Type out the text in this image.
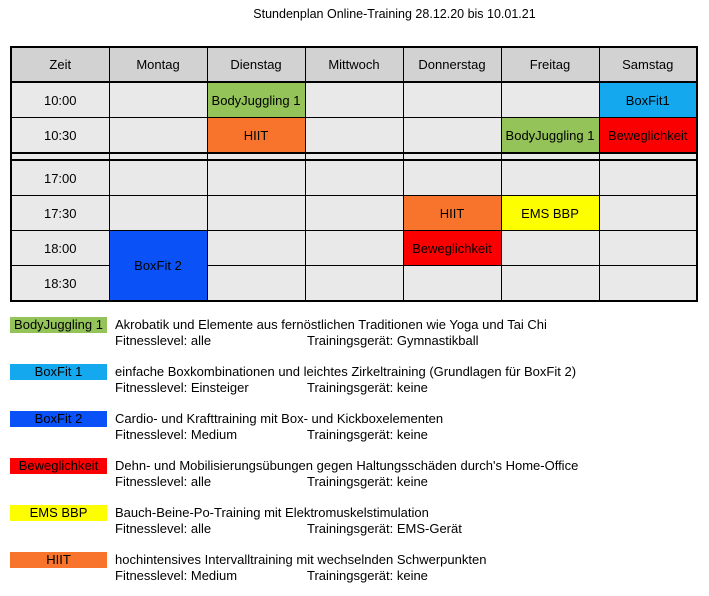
Stundenplan Online-Training 28.12.20 bis 10.01.21
Zeit	Montag	Dienstag	Mittwoch	Donnerstag	Freitag	Samstag
10:00		BodyJuggling 1				BoxFit1
10:30		HIIT			BodyJuggling 1	Beweglichkeit

17:00						
17:30				HIIT	EMS BBP	
18:00	BoxFit 2			Beweglichkeit		
18:30						
BodyJuggling 1 Akrobatik und Elemente aus fernöstlichen Traditionen wie Yoga und Tai Chi
Fitnesslevel: alle	Trainingsgerät: Gymnastikball
BoxFit 1	einfache Boxkombinationen und leichtes Zirkeltraining (Grundlagen für BoxFit 2)
Fitnesslevel: Einsteiger	Trainingsgerät: keine
BoxFit 2	Cardio- und Krafttraining mit Box- und Kickboxelementen
Fitnesslevel: Medium	Trainingsgerät: keine
Beweglichkeit	Dehn- und Mobilisierungsübungen gegen Haltungsschäden durch's Home-Office
Fitnesslevel: alle	Trainingsgerät: keine
EMS BBP	Bauch-Beine-Po-Training mit Elektromuskelstimulation
Fitnesslevel: alle	Trainingsgerät: EMS-Gerät
HIIT	hochintensives Intervalltraining mit wechselnden Schwerpunkten
Fitnesslevel: Medium	Trainingsgerät: keine
